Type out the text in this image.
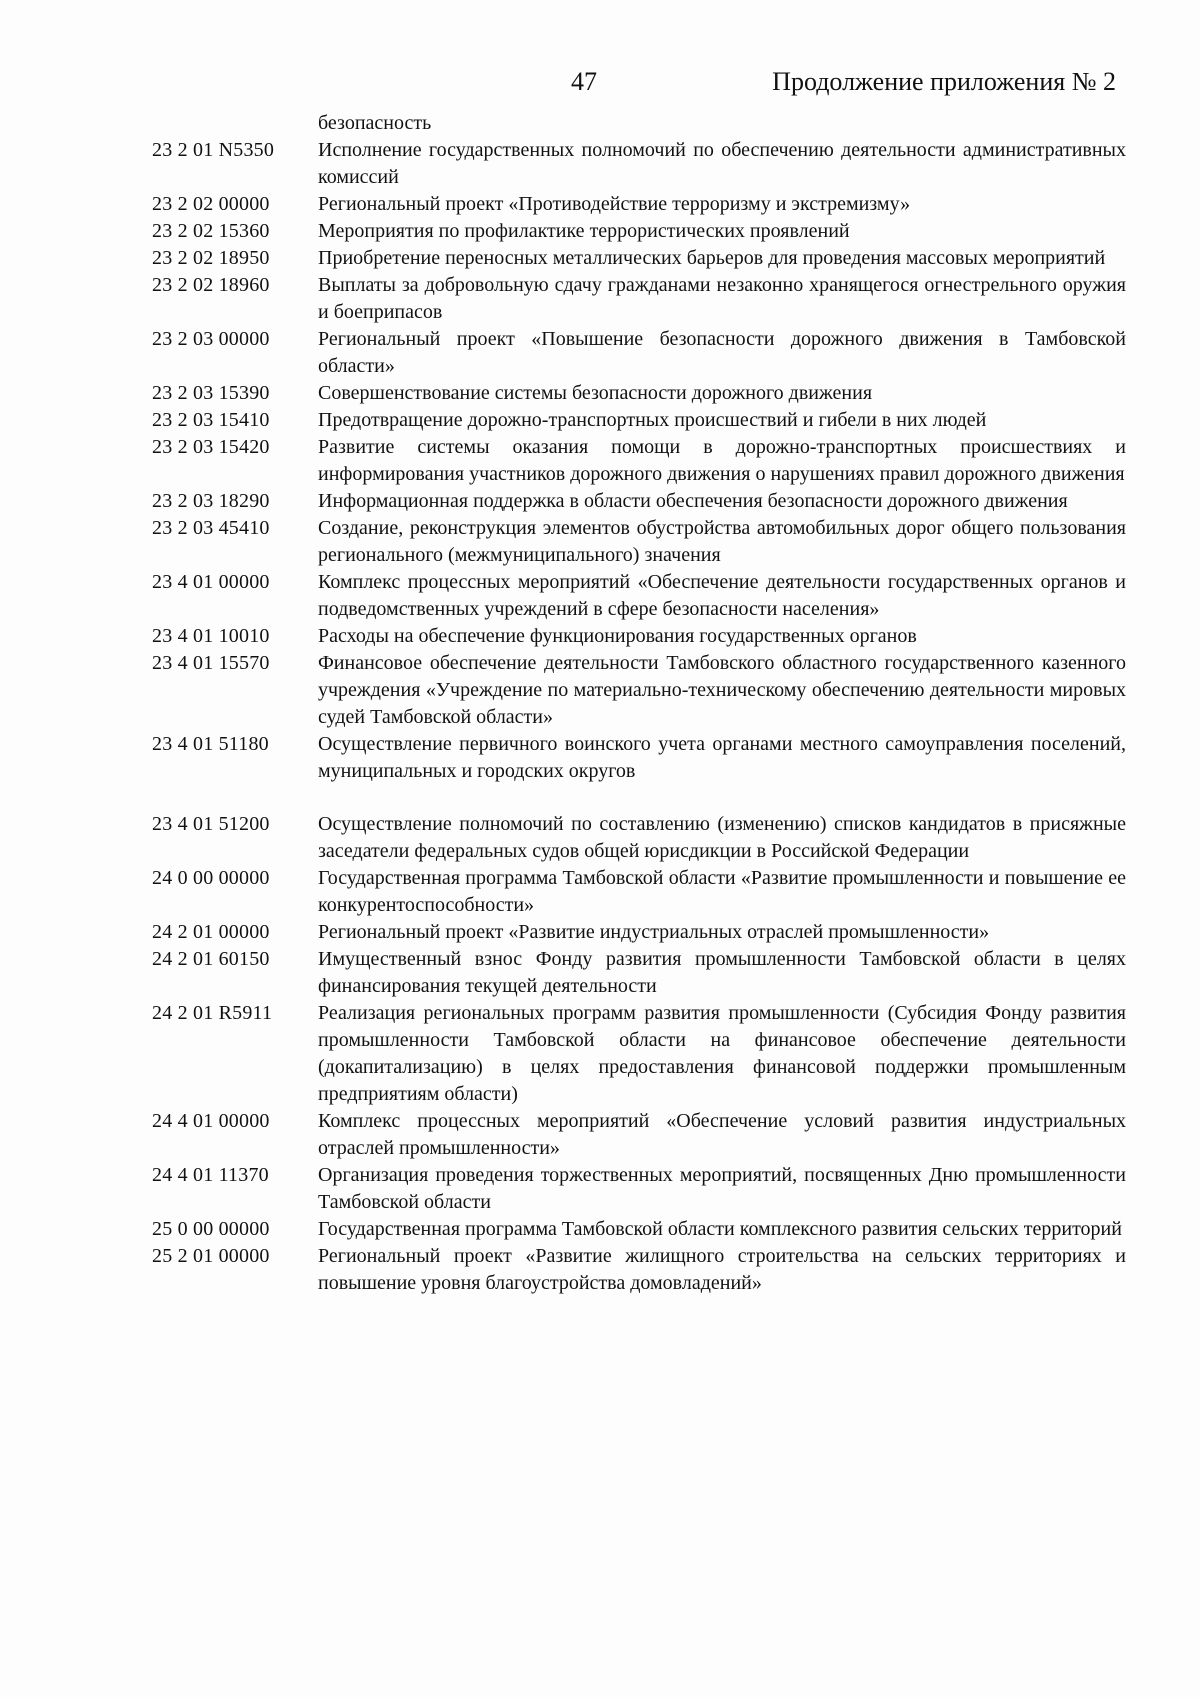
47	Продолжение приложения № 2
безопасность
23 2 01 N5350	Исполнение государственных полномочий по обеспечению деятельности административных комиссий
23 2 02 00000	Региональный проект «Противодействие терроризму и экстремизму»
23 2 02 15360	Мероприятия по профилактике террористических проявлений
23 2 02 18950	Приобретение переносных металлических барьеров для проведения массовых мероприятий
23 2 02 18960	Выплаты за добровольную сдачу гражданами незаконно хранящегося огнестрельного оружия и боеприпасов
23 2 03 00000	Региональный проект «Повышение безопасности дорожного движения в Тамбовской области»
23 2 03 15390	Совершенствование системы безопасности дорожного движения
23 2 03 15410	Предотвращение дорожно-транспортных происшествий и гибели в них людей
23 2 03 15420	Развитие системы оказания помощи в дорожно-транспортных происшествиях и информирования участников дорожного движения о нарушениях правил дорожного движения
23 2 03 18290	Информационная поддержка в области обеспечения безопасности дорожного движения
23 2 03 45410	Создание, реконструкция элементов обустройства автомобильных дорог общего пользования регионального (межмуниципального) значения
23 4 01 00000	Комплекс процессных мероприятий «Обеспечение деятельности государственных органов и подведомственных учреждений в сфере безопасности населения»
23 4 01 10010	Расходы на обеспечение функционирования государственных органов
23 4 01 15570	Финансовое обеспечение деятельности Тамбовского областного государственного казенного учреждения «Учреждение по материально-техническому обеспечению деятельности мировых судей Тамбовской области»
23 4 01 51180	Осуществление первичного воинского учета органами местного самоуправления поселений, муниципальных и городских округов
23 4 01 51200	Осуществление полномочий по составлению (изменению) списков кандидатов в присяжные заседатели федеральных судов общей юрисдикции в Российской Федерации
24 0 00 00000	Государственная программа Тамбовской области «Развитие промышленности и повышение ее конкурентоспособности»
24 2 01 00000	Региональный проект «Развитие индустриальных отраслей промышленности»
24 2 01 60150	Имущественный взнос Фонду развития промышленности Тамбовской области в целях финансирования текущей деятельности
24 2 01 R5911	Реализация региональных программ развития промышленности (Субсидия Фонду развития промышленности Тамбовской области на финансовое обеспечение деятельности (докапитализацию) в целях предоставления финансовой поддержки промышленным предприятиям области)
24 4 01 00000	Комплекс процессных мероприятий «Обеспечение условий развития индустриальных отраслей промышленности»
24 4 01 11370	Организация проведения торжественных мероприятий, посвященных Дню промышленности Тамбовской области
25 0 00 00000	Государственная программа Тамбовской области комплексного развития сельских территорий
25 2 01 00000	Региональный проект «Развитие жилищного строительства на сельских территориях и повышение уровня благоустройства домовладений»
